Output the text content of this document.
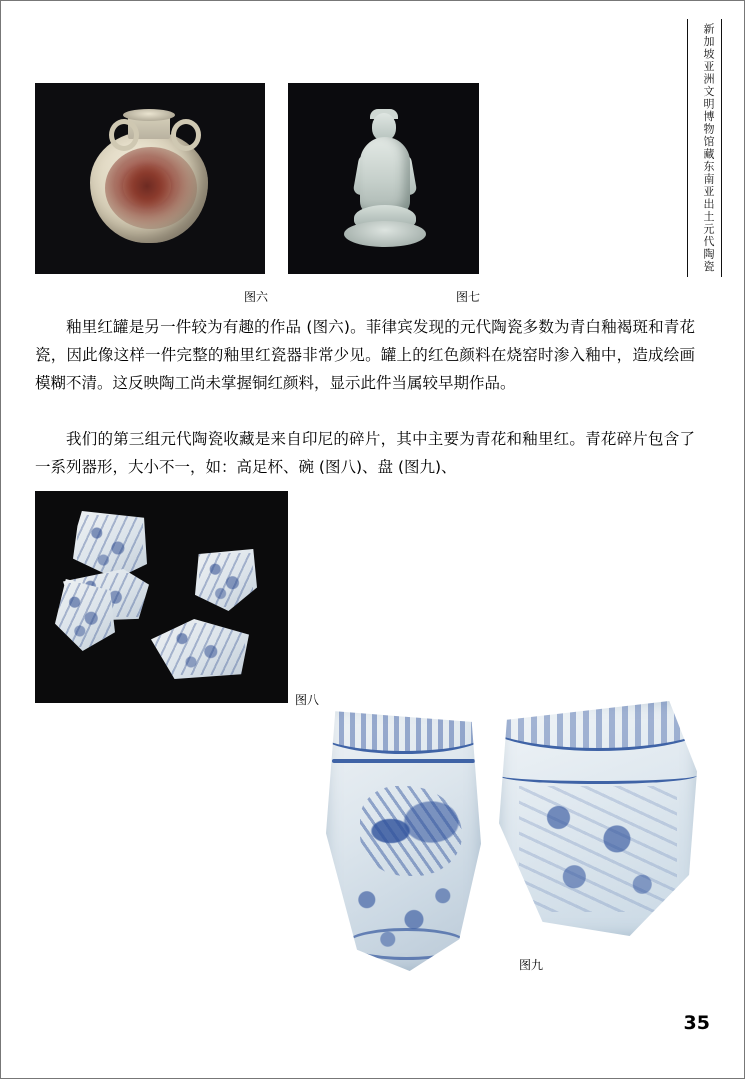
新加坡亚洲文明博物馆藏东南亚出土元代陶瓷
图六	图七

釉里红罐是另一件较为有趣的作品 (图六)。菲律宾发现的元代陶瓷多数为青白釉褐斑和青花瓷，因此像这样一件完整的釉里红瓷器非常少见。罐上的红色颜料在烧窑时渗入釉中，造成绘画模糊不清。这反映陶工尚未掌握铜红颜料，显示此件当属较早期作品。

我们的第三组元代陶瓷收藏是来自印尼的碎片，其中主要为青花和釉里红。青花碎片包含了一系列器形，大小不一，如：高足杯、碗 (图八)、盘 (图九)、

图八
图九
35
